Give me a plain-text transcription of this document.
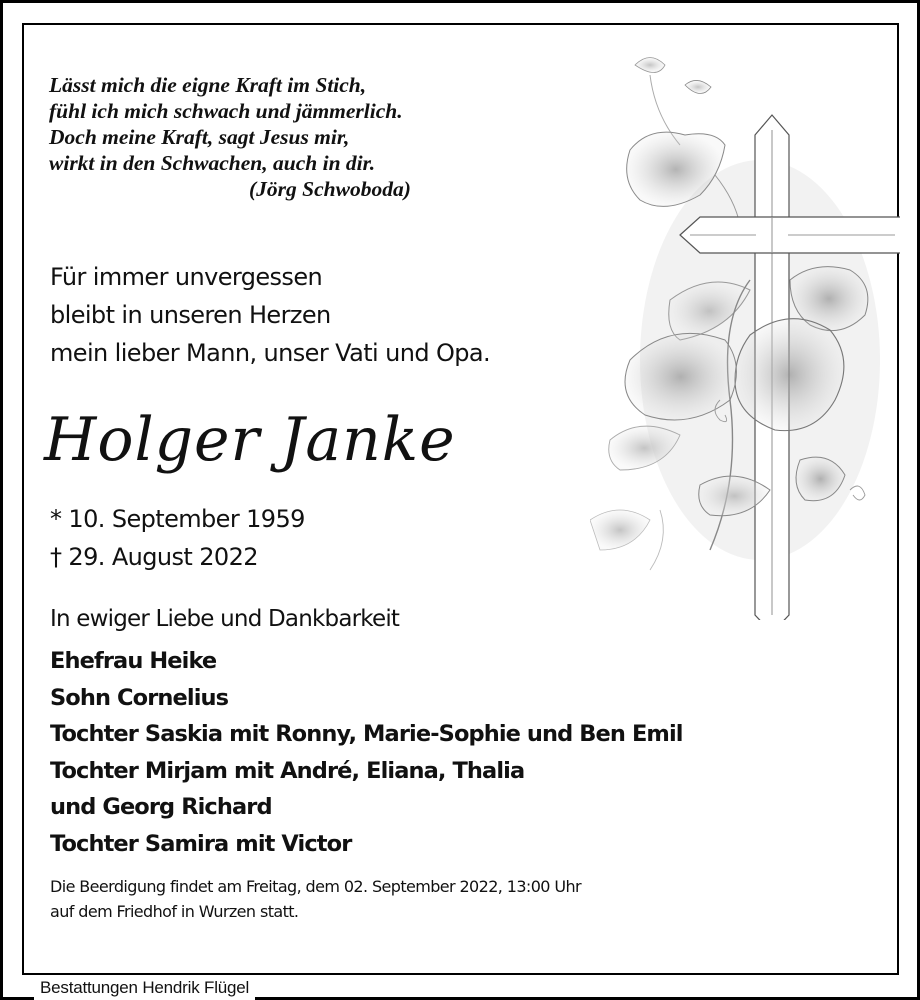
Bestattungen Hendrik Flügel
Lässt mich die eigne Kraft im Stich,
fühl ich mich schwach und jämmerlich.
Doch meine Kraft, sagt Jesus mir,
wirkt in den Schwachen, auch in dir.
(Jörg Schwoboda)
Für immer unvergessen
bleibt in unseren Herzen
mein lieber Mann, unser Vati und Opa.
Holger Janke
* 10. September 1959
† 29. August 2022
In ewiger Liebe und Dankbarkeit
Ehefrau Heike
Sohn Cornelius
Tochter Saskia mit Ronny, Marie-Sophie und Ben Emil
Tochter Mirjam mit André, Eliana, Thalia
und Georg Richard
Tochter Samira mit Victor
Die Beerdigung findet am Freitag, dem 02. September 2022, 13:00 Uhr
auf dem Friedhof in Wurzen statt.
